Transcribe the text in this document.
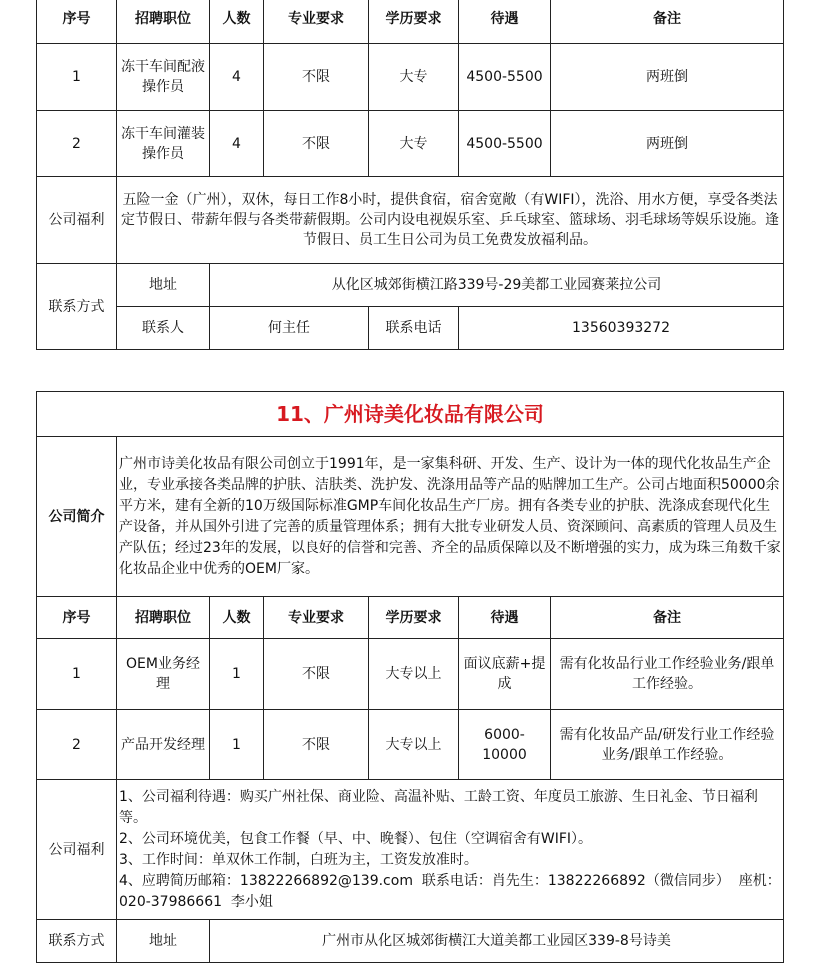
序号	招聘职位	人数	专业要求	学历要求	待遇	备注
1	冻干车间配液操作员	4	不限	大专	4500-5500	两班倒
2	冻干车间灌装操作员	4	不限	大专	4500-5500	两班倒
公司福利	五险一金（广州），双休，每日工作8小时，提供食宿，宿舍宽敞（有WIFI），洗浴、用水方便，享受各类法定节假日、带薪年假与各类带薪假期。公司内设电视娱乐室、乒乓球室、篮球场、羽毛球场等娱乐设施。逢节假日、员工生日公司为员工免费发放福利品。					
联系方式	地址	从化区城郊街横江路339号-29美都工业园赛莱拉公司				
	联系人	何主任		联系电话	13560393272	
11、广州诗美化妆品有限公司						
公司简介	广州市诗美化妆品有限公司创立于1991年，是一家集科研、开发、生产、设计为一体的现代化妆品生产企业，专业承接各类品牌的护肤、洁肤类、洗护发、洗涤用品等产品的贴牌加工生产。公司占地面积50000余平方米，建有全新的10万级国际标准GMP车间化妆品生产厂房。拥有各类专业的护肤、洗涤成套现代化生产设备，并从国外引进了完善的质量管理体系；拥有大批专业研发人员、资深顾问、高素质的管理人员及生产队伍；经过23年的发展，以良好的信誉和完善、齐全的品质保障以及不断增强的实力，成为珠三角数千家化妆品企业中优秀的OEM厂家。					
序号	招聘职位	人数	专业要求	学历要求	待遇	备注
1	OEM业务经理	1	不限	大专以上	面议底薪+提成	需有化妆品行业工作经验业务/跟单工作经验。
2	产品开发经理	1	不限	大专以上	6000-10000	需有化妆品产品/研发行业工作经验业务/跟单工作经验。
公司福利	1、公司福利待遇：购买广州社保、商业险、高温补贴、工龄工资、年度员工旅游、生日礼金、节日福利等。
2、公司环境优美，包食工作餐（早、中、晚餐）、包住（空调宿舍有WIFI）。
3、工作时间：单双休工作制，白班为主，工资发放准时。
4、应聘简历邮箱：13822266892@139.com  联系电话：肖先生：13822266892（微信同步）  座机：020-37986661  李小姐					

联系方式	地址	广州市从化区城郊街横江大道美都工业园区339-8号诗美				
